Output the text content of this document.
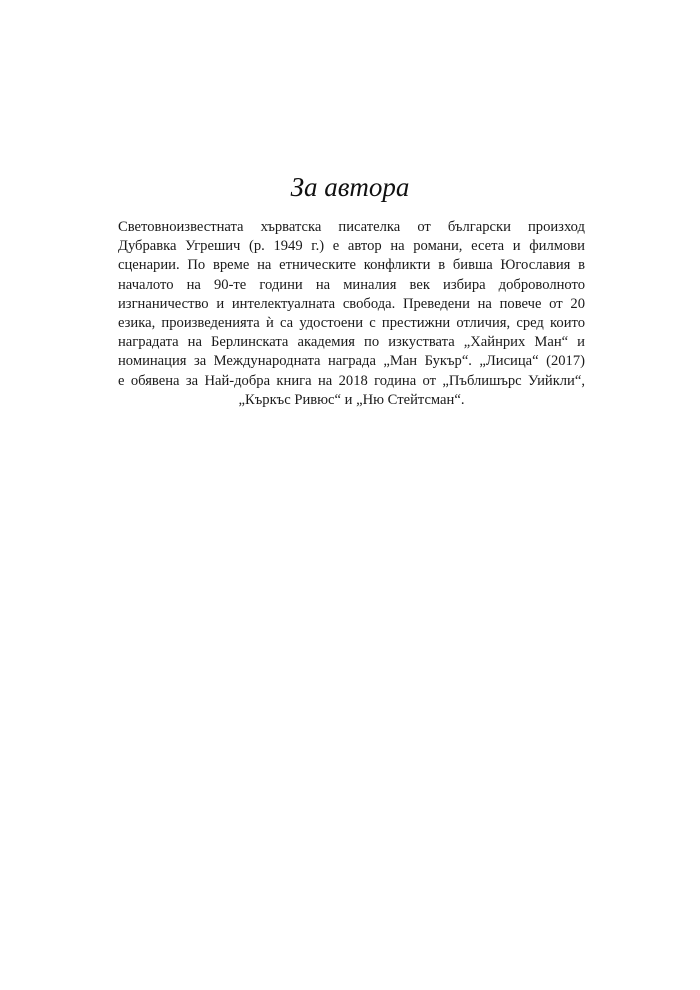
За автора
Световноизвестната хърватска писателка от български произход
Дубравка Угрешич (р. 1949 г.) е автор на романи, есета и филмови
сценарии. По време на етническите конфликти в бивша Югославия в
началото на 90-те години на миналия век избира доброволното
изгнаничество и интелектуалната свобода. Преведени на повече от 20
езика, произведенията ѝ са удостоени с престижни отличия, сред които
наградата на Берлинската академия по изкуствата „Хайнрих Ман“ и
номинация за Международната награда „Ман Букър“. „Лисица“ (2017)
е обявена за Най-добра книга на 2018 година от „Пъблишърс Уийкли“,
„Къркъс Ривюс“ и „Ню Стейтсман“.
